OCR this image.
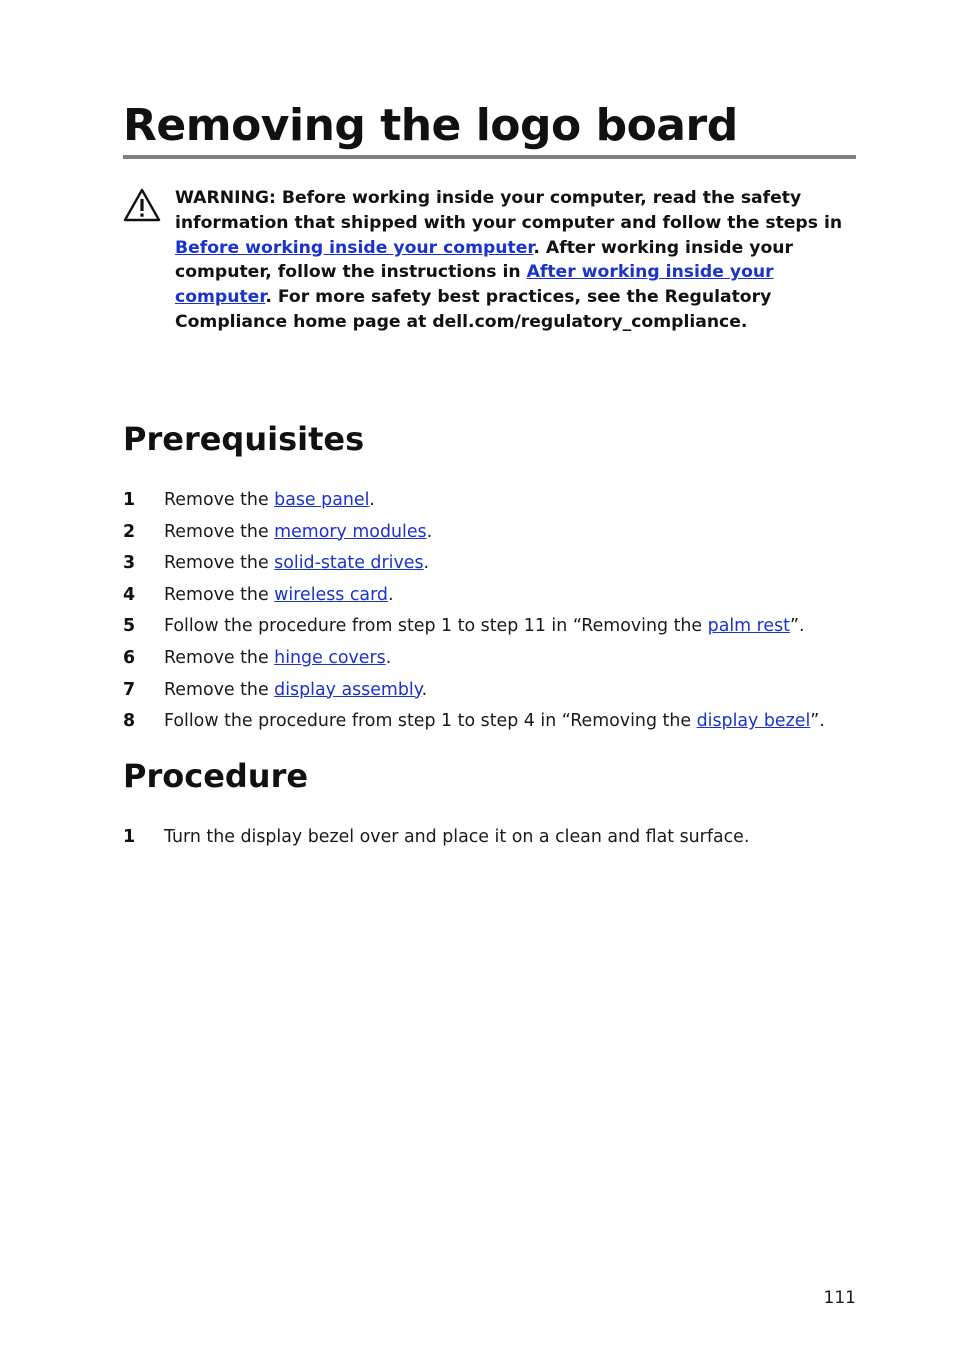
Removing the logo board

WARNING: Before working inside your computer, read the safety information that shipped with your computer and follow the steps in Before working inside your computer. After working inside your computer, follow the instructions in After working inside your computer. For more safety best practices, see the Regulatory Compliance home page at dell.com/regulatory_compliance.

Prerequisites
1 Remove the base panel.
2 Remove the memory modules.
3 Remove the solid-state drives.
4 Remove the wireless card.
5 Follow the procedure from step 1 to step 11 in “Removing the palm rest”.
6 Remove the hinge covers.
7 Remove the display assembly.
8 Follow the procedure from step 1 to step 4 in “Removing the display bezel”.
Procedure
1 Turn the display bezel over and place it on a clean and flat surface.
111
